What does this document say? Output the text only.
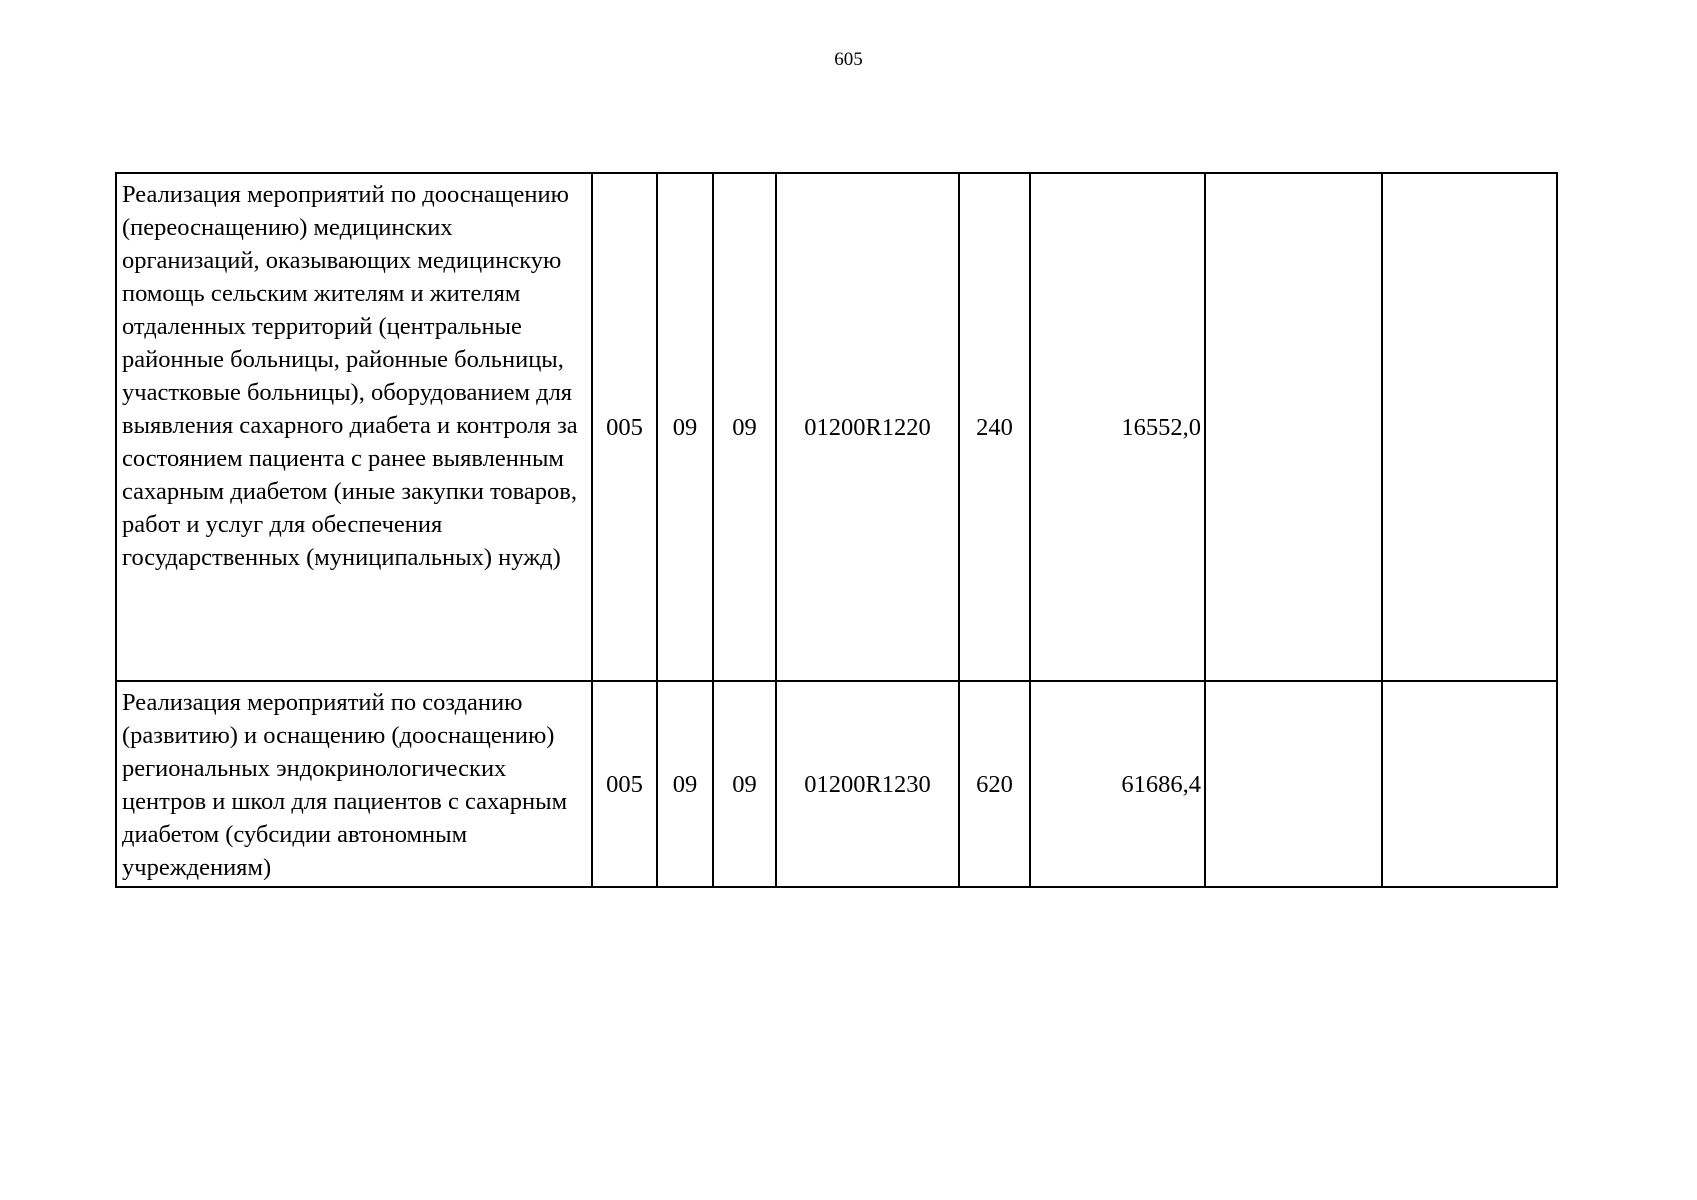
605
Реализация мероприятий по дооснащению (переоснащению) медицинских организаций, оказывающих медицинскую помощь сельским жителям и жителям отдаленных территорий (центральные районные больницы, районные больницы, участковые больницы), оборудованием для выявления сахарного диабета и контроля за состоянием пациента с ранее выявленным сахарным диабетом (иные закупки товаров, работ и услуг для обеспечения государственных (муниципальных) нужд)	005	09	09	01200R1220	240	16552,0		
Реализация мероприятий по созданию (развитию) и оснащению (дооснащению) региональных эндокринологических центров и школ для пациентов с сахарным диабетом (субсидии автономным учреждениям)	005	09	09	01200R1230	620	61686,4		
